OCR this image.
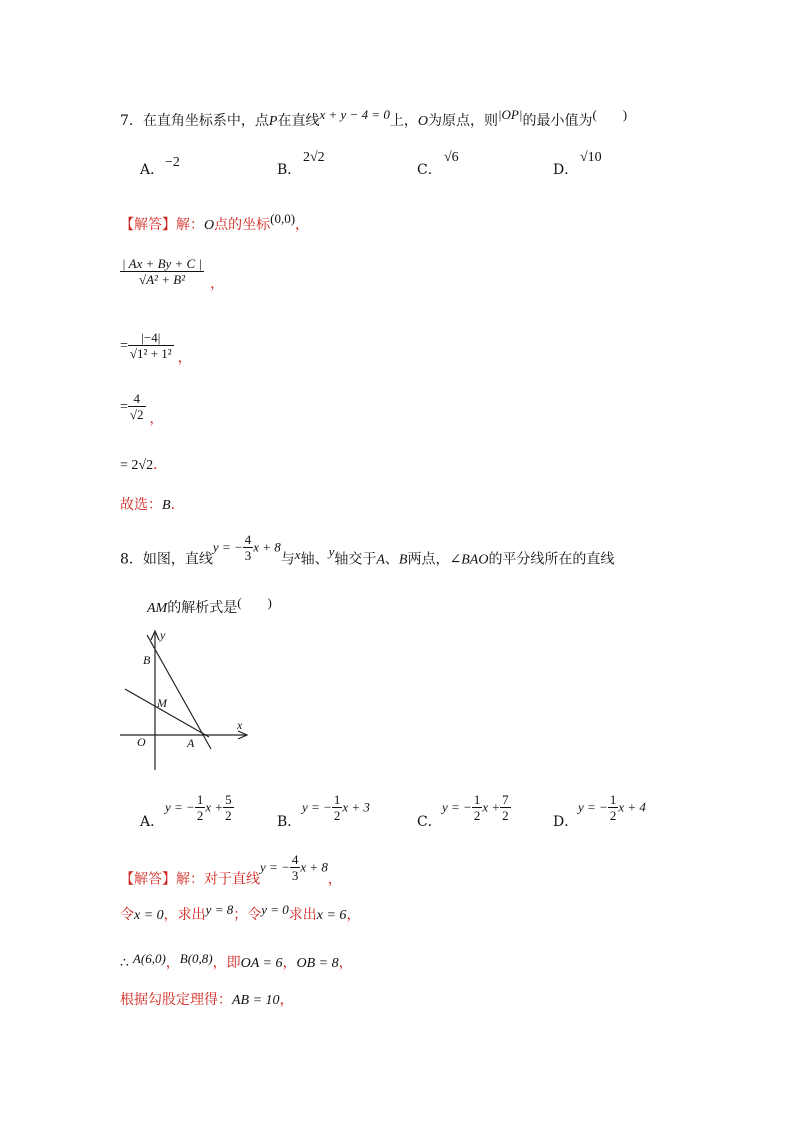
7．在直角坐标系中，点P在直线x + y − 4 = 0上，O为原点，则|OP|的最小值为(        )
A． −2	B．
2√2
C．
√6
D．
√10
【解答】解：O点的坐标(0,0)，
$\frac{| Ax + By + C |}{\text{√A² + B²}}$ ，
= $\frac{|-4|}{\text{√1² + 1²}}$ ，
= $\frac{4}{√2}$ ，
= 2√2．
故选：B．
8．如图，直线y = − $\frac{4}{3}$ x + 8与x轴、y轴交于A、B两点，∠BAO的平分线所在的直线
AM的解析式是(        )
y
x
B
M
O	A
A．
y = − $\frac{1}{2}$ $x + \frac{5}{2}$	B．
y = − $\frac{1}{2}$ x + 3
C．
y = − $\frac{1}{2}$ $x + \frac{7}{2}$	D．
y = − $\frac{1}{2}$ x + 4
【解答】解：对于直线y = − $\frac{4}{3}$ x + 8，
令x = 0，求出y = 8；令y = 0求出x = 6，
∴ A(6,0)，B(0,8)，即OA = 6，OB = 8，
根据勾股定理得：AB = 10，
